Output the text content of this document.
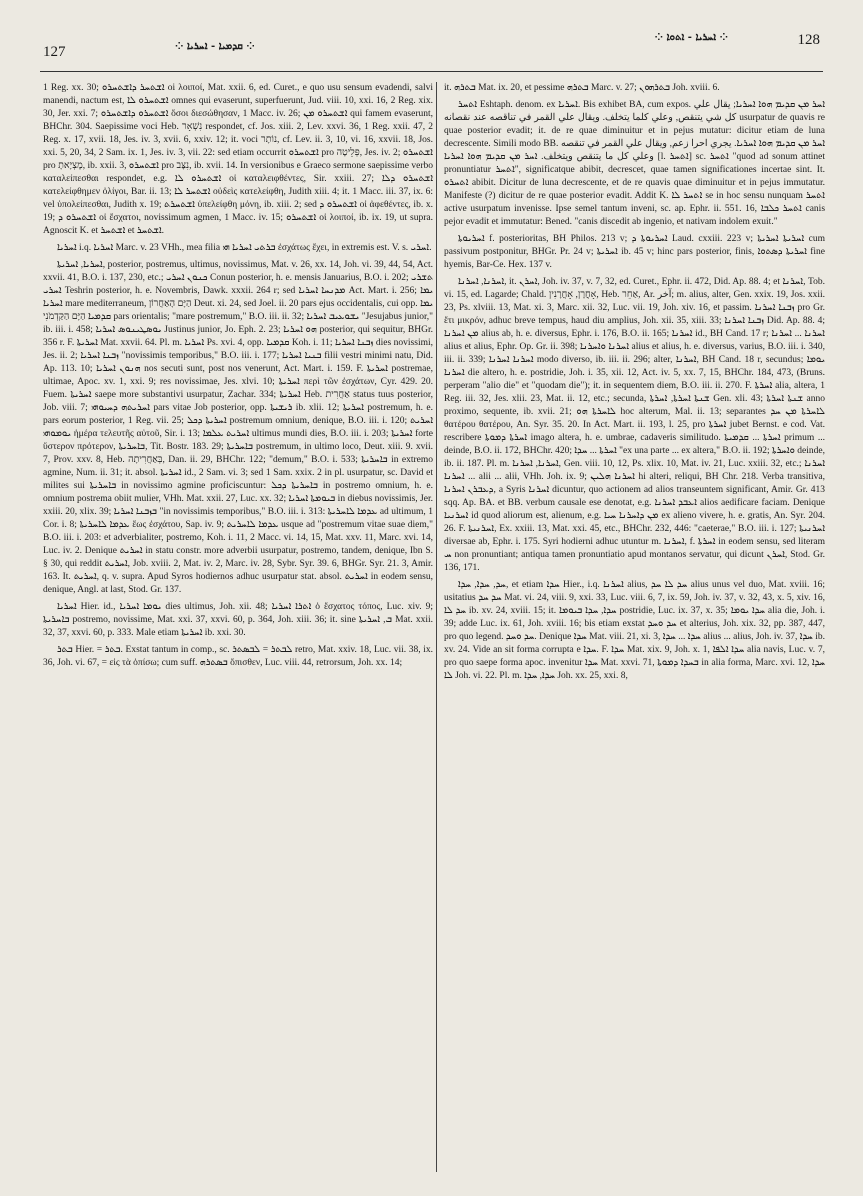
127	⁘ ܩܕܡܝܐ - ܐܚܪܝܐ ⁘
⁘ ܐܚܪܝܐ - ܐܬܘܐ ⁘	128

1 Reg. xx. 30; ܐܫܬܚܪ ܕܐܫܬܚܪܘ oi λοιποί, Mat. xxii. 6, ed. Curet., e quo usu sensum evadendi, salvi manendi, nactum est, ܐܫܬܚܪܘ ܠܐ omnes qui evaserunt, superfuerunt, Jud. viii. 10, xxi. 16, 2 Reg. xix. 30, Jer. xxi. 7; ܐܫܬܚܪܘ ܕܐܫܬܚܪܘ ὅσοι διεσώθησαν, 1 Macc. iv. 26; ܐܫܬܚܪܘ ܡܢ qui famem evaserunt, BHChr. 304. Saepissime voci Heb. נִשְׁאָר respondet, cf. Jos. xiii. 2, Lev. xxvi. 36, 1 Reg. xxii. 47, 2 Reg. x. 17, xvii. 18, Jes. iv. 3, xvii. 6, xxiv. 12; it. voci נוֹתָר, cf. Lev. ii. 3, 10, vi. 16, xxvii. 18, Jos. xxi. 5, 20, 34, 2 Sam. ix. 1, Jes. iv. 3, vii. 22: sed etiam occurrit ܐܫܬܚܪܘ pro פְּלֵיטָה, Jes. iv. 2; ܐܫܬܚܪܘ pro מֶצְיָאתָ, ib. xxii. 3, ܐܫܬܚܪܘ pro נִצָּב, ib. xvii. 14. In versionibus e Graeco sermone saepissime verbo καταλείπεσθαι respondet, e.g. ܐܫܬܚܪܘ ܠܐ οἱ καταλειφθέντες, Sir. xxiii. 27; ܐܫܬܚܪܘ ܕܠܐ κατελείφθημεν ὀλίγοι, Bar. ii. 13; ܐܫܬܚܪ ܠܐ οὐδεὶς κατελείφθη, Judith xiii. 4; it. 1 Macc. iii. 37, ix. 6: vel ὑπολείπεσθαι, Judith x. 19; ܐܫܬܚܪܬ ὑπελείφθη μόνη, ib. xiii. 2; sed ܐܫܬܚܪܘ ܕ oἱ ἀφεθέντες, ib. x. 19; ܐܫܬܚܪܘ ܕ oἱ ἔσχατοι, novissimum agmen, 1 Macc. iv. 15; ܐܫܬܚܪܘ oἱ λοιποί, ib. ix. 19, ut supra. Agnoscit K. et ܐܫܬܚܪ et ܐܫܬܚܪ.

ܐܚܪܝܐ i.q. ܐܚܪܝܐ Marc. v. 23 VHh., mea filia ܒܪܬܝ ܐܚܪܝܐ ܗܝ ἐσχάτως ἔχει, in extremis est. V. s. ܐܚܪܝ.

ܐܚܪܝܐ, ܐܚܪܝܬܐ, posterior, postremus, ultimus, novissimus, Mat. v. 26, xx. 14, Joh. vi. 39, 44, 54, Act. xxvii. 41, B.O. i. 137, 230, etc.; ܟܢܘܢ ܐܚܪܝ Conun posterior, h. e. mensis Januarius, B.O. i. 202; ܬܫܪܝ ܐܚܪܝ Teshrin posterior, h. e. Novembris, Dawk. xxxii. 264 r; sed ܡܕܢܚܐ ܐܚܪܝܐ Act. Mart. i. 256; ܝܡܐ ܐܚܪܝܐ mare mediterraneum, הַיָּם הָאַחֲרוֹן Deut. xi. 24, sed Joel. ii. 20 pars ejus occidentalis, cui opp. ܝܡܐ ܩܕܡܝܐ הַיָּם הַקַּדְמֹנִי pars orientalis; "mare postremum," B.O. iii. ii. 32; ܝܫܘܥܝܒ ܐܚܪܝܐ "Jesujabus junior," ib. iii. i. 458; ܝܘܣܛܝܢܘܣ ܐܚܪܝܐ Justinus junior, Jo. Eph. 2. 23; ܗܘ ܐܚܪܝܐ posterior, qui sequitur, BHGr. 356 r. F. ܐܚܪܝܬܐ Mat. xxvii. 64. Pl. m. ܐܚܪܝܐ Ps. xvi. 4, opp. ܩܕܡܝܐ Koh. i. 11; ܙܒܢܐ ܐܚܪܝܐ dies novissimi, Jes. ii. 2; ܙܒܢܐ ܐܚܪܝܐ "novissimis temporibus," B.O. iii. i. 177; ܒܢܝܐ ܐܚܪܝܐ filii vestri minimi natu, Did. Ap. 113. 10; ܗܢܘܢ ܐܚܪܝܐ nos secuti sunt, post nos venerunt, Act. Mart. i. 159. F. ܐܚܪܝܬܐ postremae, ultimae, Apoc. xv. 1, xxi. 9; res novissimae, Jes. xlvi. 10; ܐܚܪܝܬܐ περὶ τῶν ἐσχάτων, Cyr. 429. 20. Fuem. ܐܚܪܝܬܐ saepe more substantivi usurpatur, Zachar. 334; ܐܚܪܝܬܐ Heb. אַחֲרִית status tuus posterior, Job. viii. 7; ܐܚܪܝܬܗ ܕܚܝܘܗܝ pars vitae Job posterior, opp. ܪܝܫܝܬܐ ib. xlii. 12; ܐܚܪܝܬܐ postremum, h. e. pars eorum posterior, 1 Reg. vii. 25; ܐܚܪܝܬܐ ܕܟܠ postremum omnium, denique, B.O. iii. i. 120; ܐܚܪܝܬ ܝܘܡܘܗܝ ἡμέρα τελευτῆς αὐτοῦ, Sir. i. 13; ܐܚܪܝܬ ܥܠܡܐ ultimus mundi dies, B.O. iii. i. 203; ܐܚܪܝܬܐ forte ὕστερον πρότερον, ܒܐܚܪܝܬܐ, Tit. Bostr. 183. 29; ܒܐܚܪܝܬܐ postremum, in ultimo loco, Deut. xiii. 9. xvii. 7, Prov. xxv. 8, Heb. בְּאַחֲרִיתָה, Dan. ii. 29, BHChr. 122; "demum," B.O. i. 533; ܒܐܚܪܝܬܐ in extremo agmine, Num. ii. 31; it. absol. ܐܚܪܝܬܐ id., 2 Sam. vi. 3; sed 1 Sam. xxix. 2 in pl. usurpatur, sc. David et milites sui ܒܐܚܪܝܬܐ in novissimo agmine proficiscuntur: ܒܐܚܪܝܬܐ ܕܟܠ in postremo omnium, h. e. omnium postrema obiit mulier, VHh. Mat. xxii. 27, Luc. xx. 32; ܒܝܘܡܬܐ ܐܚܪܝܐ in diebus novissimis, Jer. xxiii. 20, xlix. 39; ܒܙܒܢܐ ܐܚܪܝܐ "in novissimis temporibus," B.O. iii. i. 313: ܥܕܡܐ ܠܐܚܪܝܬܐ ad ultimum, 1 Cor. i. 8; ܥܕܡܐ ܠܐܚܪܝܬܐ ἕως ἐσχάτου, Sap. iv. 9; ܥܕܡܐ ܠܐܚܪܝܬ usque ad "postremum vitae suae diem," B.O. iii. i. 203: et adverbialiter, postremo, Koh. i. 11, 2 Macc. vi. 14, 15, Mat. xxv. 11, Marc. xvi. 14, Luc. iv. 2. Denique ܐܚܪܝܬ in statu constr. more adverbii usurpatur, postremo, tandem, denique, Ibn S. § 30, qui reddit ܐܚܪܝܬ, Job. xviii. 2, Mat. iv. 2, Marc. iv. 28, Sybr. Syr. 39. 6, BHGr. Syr. 21. 3, Amir. 163. It. ܐܚܪܝܬ, q. v. supra. Apud Syros hodiernos adhuc usurpatur stat. absol. ܐܚܪܝܬ in eodem sensu, denique, Angl. at last, Stod. Gr. 137.

ܐܚܪܝܐ Hier. id., ܝܘܡܐ ܐܚܪܝܐ dies ultimus, Joh. xii. 48; ܐܬܪܐ ܐܚܪܝܐ ὁ ἔσχατος τόπος, Luc. xiv. 9; ܒܐܚܪܝܬܐ postremo, novissime, Mat. xxi. 37, xxvi. 60, p. 364, Joh. xiii. 36; it. sine ܒ, ܐܚܪܝܬܐ Mat. xxii. 32, 37, xxvi. 60, p. 333. Male etiam ܐܚܪܝܬܐ ib. xxi. 30.

ܒܬܪ Hier. = ܒܬܪ. Exstat tantum in comp., sc. ܠܒܬܪ = ܠܒܣܬܪ retro, Mat. xxiv. 18, Luc. vii. 38, ix. 36, Joh. vi. 67, = εἰς τὰ ὀπίσω; cum suff. ܒܣܬܪܗ ὄπισθεν, Luc. viii. 44, retrorsum, Joh. xx. 14;

it. ܒܬܪܗ Mat. ix. 20, et pessime ܒܬܪܗ Marc. v. 27; ܒܬܪܗܘܢ Joh. xviii. 6.

ܐܬܚܪ Eshtaph. denom. ex ܐܚܪܝܐ. Bis exhibet BA, cum expos. ܐܚܪ ܡܢ ܩܕܝܡ ܗܘܐ ܐܚܪܝܐ; يقال علي كل شي يتنقص, وعلي كلما يتخلف. ويقال علي القمر في تناقصه عند نقصانه usurpatur de quavis re quae posterior evadit; it. de re quae diminuitur et in pejus mutatur: dicitur etiam de luna decrescente. Simili modo BB. ܐܚܪ ܡܢ ܩܕܝܡ ܗܘܐ ܐܚܪܝܐ. يجري احرا زعم, ويقال علي القمر في تنقصه وعلي كل ما يتنقص ويتخلف. ܐܚܪ ܡܢ ܩܕܝܡ ܗܘܐ ܐܚܪܝܐ [l. ܐܬܚܪ] sc. ܐܬܚܪ "quod ad sonum attinet pronuntiatur ܐܬܚܪ", significatque abibit, decrescet, quae tamen significationes incertae sint. It. ܐܬܚܪܘ abibit. Dicitur de luna decrescente, et de re quavis quae diminuitur et in pejus immutatur. Manifeste (?) dicitur de re quae posterior evadit. Addit K. ܐܬܚܪ ܠܐ se in hoc sensu nunquam ܐܬܚܪ active usurpatum invenisse. Ipse semel tantum inveni, sc. ap. Ephr. ii. 551. 16, ܐܬܚܪ ܟܠܒܐ canis pejor evadit et immutatur: Bened. "canis discedit ab ingenio, et nativam indolem exuit."

ܐܚܪܝܘܬܐ f. posterioritas, BH Philos. 213 v; ܐܚܪܝܘܬܐ ܕ Laud. cxxiii. 223 v; ܐܚܪܝܬܐ ܐܚܪܝܬܐ cum passivum postponitur, BHGr. Pr. 24 v; ܐܚܪܝܬܐ ib. 45 v; hinc pars posterior, finis, ܐܚܪܝܬܐ ܕܣܬܘܐ fine hyemis, Bar-Ce. Hex. 137 v.

ܐܚܪܢܐ, ܐܚܪܢܐ, it. ܐܚܪܢ, Joh. iv. 37, v. 7, 32, ed. Curet., Ephr. ii. 472, Did. Ap. 88. 4; et ܐܚܪܢܐ, Tob. vi. 15, ed. Lagarde; Chald. אָחֳרָן, אָחֳרָנִין, Heb. אַחֵר, Ar. آخر; m. alius, alter, Gen. xxix. 19, Jos. xxii. 23, Ps. xlviii. 13, Mat. xi. 3, Marc. xii. 32, Luc. vii. 19, Joh. xiv. 16, et passim. ܙܒܢܐ ܐܚܪܢܐ pro Gr. ἔτι μικρόν, adhuc breve tempus, haud diu amplius, Joh. xii. 35, xiii. 33; ܙܒܢܐ ܐܚܪܢܐ Did. Ap. 88. 4; ܡܢ ܐܚܪܢܐ alius ab, h. e. diversus, Ephr. i. 176, B.O. ii. 165; ܐܚܪܢܐ id., BH Cand. 17 r; ܐܚܪܢܐ ... ܐܚܪܢܐ alius et alius, Ephr. Op. Gr. ii. 398; ܐܚܪܢܐ ܘܐܚܪܢܐ alius et alius, h. e. diversus, varius, B.O. iii. i. 340, iii. ii. 339; ܐܚܪܢܐ ܐܚܪܢܐ modo diverso, ib. iii. ii. 296; alter, ܐܚܪܢܐ, BH Cand. 18 r, secundus; ܝܘܡܐ ܐܚܪܢܐ die altero, h. e. postridie, Joh. i. 35, xii. 12, Act. iv. 5, xx. 7, 15, BHChr. 184, 473, (Bruns. perperam "alio die" et "quodam die"); it. in sequentem diem, B.O. iii. ii. 270. F. ܐܚܪܬܐ alia, altera, 1 Reg. iii. 32, Jes. xlii. 23, Mat. ii. 12, etc.; secunda, ܫܢܬܐ ܐܚܪܬܐ, ܐܚܪܬܐ Gen. xli. 43; ܫܢܬܐ ܐܚܪܬܐ anno proximo, sequente, ib. xvii. 21; ܠܐܚܪܬܐ ܗܘ hoc alterum, Mal. ii. 13; separantes ܠܐܚܪܬܐ ܡܢ ܚܕ θατέρου θατέρου, An. Syr. 35. 20. In Act. Mart. ii. 193, l. 25, pro ܐܚܪܬܐ jubet Bernst. e cod. Vat. rescribere ܐܚܪܬܐ ܕܡܘܬܐ imago altera, h. e. umbrae, cadaveris similitudo. ܐܚܪܬܐ ... ܩܕܡܝܬܐ primum ... deinde, B.O. ii. 172, BHChr. 420; ܐܚܪܬܐ ... ܚܕܐ "ex una parte ... ex altera," B.O. ii. 192; ܘܐܚܪܬܐ deinde, ib. ii. 187. Pl. m. ܐܚܪܢܐ, ܐܚܪܢܐ, Gen. viii. 10, 12, Ps. xlix. 10, Mat. iv. 21, Luc. xxiii. 32, etc.; ܐܚܪܢܐ ... ܐܚܪܢܐ alii ... alii, VHh. Joh. ix. 9; ܐܚܪܢܐ ܗܠܝܢ hi alteri, reliqui, BH Chr. 218. Verba transitiva, ܕܥܒܪܢ ܐܚܪܢܐ, a Syris ܐܚܪܢܐ dicuntur, quo actionem ad alios transeuntem significant, Amir. Gr. 413 sqq. Ap. BA. et BB. verbum causale ese denotat, e.g. ܐܥܒܕ ܐܚܪܢܐ alios aedificare faciam. Denique ܐܚܪܢܝܐ id quod aliorum est, alienum, e.g. ܡܢ ܕܐܚܪܢܐ ܚܝܐ ex alieno vivere, h. e. gratis, An. Syr. 204. 26. F. ܐܚܪܢܝܬܐ, Ex. xxiii. 13, Mat. xxi. 45, etc., BHChr. 232, 446: "caeterae," B.O. iii. i. 127; ܐܚܪܢܝܬܐ diversae ab, Ephr. i. 175. Syri hodierni adhuc utuntur m. ܐܚܪܢܐ, f. ܐܚܪܬܐ in eodem sensu, sed literam ܚ non pronuntiant; antiqua tamen pronuntiatio apud montanos servatur, qui dicunt ܐܚܪܢ, Stod. Gr. 136, 171.

ܚܕ, ܚܕܐ, ܚܕܐ, et etiam ܚܕܐ Hier., i.q. ܐܚܪܢܐ alius, ܚܕ ܠܐ ܚܕ alius unus vel duo, Mat. xviii. 16; usitatius ܚܕ ܚܕ Mat. vi. 24, viii. 9, xxi. 33, Luc. viii. 6, 7, ix. 59, Joh. iv. 37, v. 32, 43, x. 5, xiv. 16, ܚܕ ܠܐ ib. xv. 24, xviii. 15; it. ܚܕܐ, ܚܕܐ ܒܝܘܡܐ postridie, Luc. ix. 37, x. 35; ܚܕܐ ܝܘܡܐ alia die, Joh. i. 39; adde Luc. ix. 61, Joh. xviii. 16; bis etiam exstat ܚܕ ܘܚܕ et alterius, Joh. xix. 32, pp. 387, 447, pro quo legend. ܚܕ ܘܚܕ. Denique ܚܕܐ Mat. viii. 21, xi. 3, ܚܕܐ ... ܚܕܐ alius ... alius, Joh. iv. 37, ܚܕܐ ib. xv. 24. Vide an sit forma corrupta e ܚܕܐ. F. ܚܕܐ Mat. xix. 9, Joh. x. 1, ܚܕܐ ܐܠܦܐ alia navis, Luc. v. 7, pro quo saepe forma apoc. invenitur ܚܕܐ Mat. xxvi. 71, ܒܚܕܐ ܕܡܘܬܐ in alia forma, Marc. xvi. 12, ܚܕܐ ܠܐ Joh. vi. 22. Pl. m. ܚܕܐ, ܚܕܐ Joh. xx. 25, xxi. 8,
